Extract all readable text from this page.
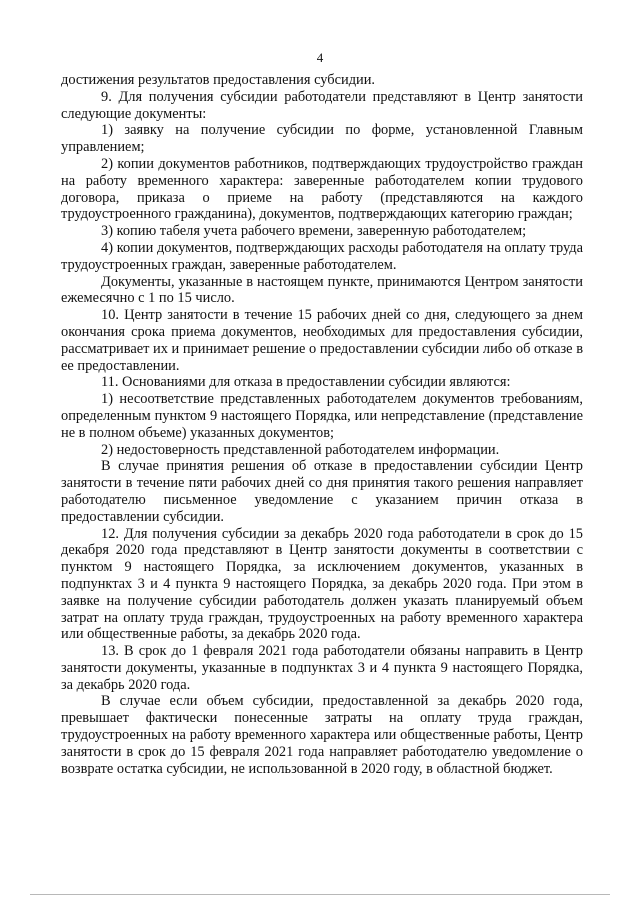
4

достижения результатов предоставления субсидии.

9. Для получения субсидии работодатели представляют в Центр занятости следующие документы:

1) заявку на получение субсидии по форме, установленной Главным управлением;

2) копии документов работников, подтверждающих трудоустройство граждан на работу временного характера: заверенные работодателем копии трудового договора, приказа о приеме на работу (представляются на каждого трудоустроенного гражданина), документов, подтверждающих категорию граждан;

3) копию табеля учета рабочего времени, заверенную работодателем;

4) копии документов, подтверждающих расходы работодателя на оплату труда трудоустроенных граждан, заверенные работодателем.

Документы, указанные в настоящем пункте, принимаются Центром занятости ежемесячно с 1 по 15 число.

10. Центр занятости в течение 15 рабочих дней со дня, следующего за днем окончания срока приема документов, необходимых для предоставления субсидии, рассматривает их и принимает решение о предоставлении субсидии либо об отказе в ее предоставлении.

11. Основаниями для отказа в предоставлении субсидии являются:

1) несоответствие представленных работодателем документов требованиям, определенным пунктом 9 настоящего Порядка, или непредставление (представление не в полном объеме) указанных документов;

2) недостоверность представленной работодателем информации.

В случае принятия решения об отказе в предоставлении субсидии Центр занятости в течение пяти рабочих дней со дня принятия такого решения направляет работодателю письменное уведомление с указанием причин отказа в предоставлении субсидии.

12. Для получения субсидии за декабрь 2020 года работодатели в срок до 15 декабря 2020 года представляют в Центр занятости документы в соответствии с пунктом 9 настоящего Порядка, за исключением документов, указанных в подпунктах 3 и 4 пункта 9 настоящего Порядка, за декабрь 2020 года. При этом в заявке на получение субсидии работодатель должен указать планируемый объем затрат на оплату труда граждан, трудоустроенных на работу временного характера или общественные работы, за декабрь 2020 года.

13. В срок до 1 февраля 2021 года работодатели обязаны направить в Центр занятости документы, указанные в подпунктах 3 и 4 пункта 9 настоящего Порядка, за декабрь 2020 года.

В случае если объем субсидии, предоставленной за декабрь 2020 года, превышает фактически понесенные затраты на оплату труда граждан, трудоустроенных на работу временного характера или общественные работы, Центр занятости в срок до 15 февраля 2021 года направляет работодателю уведомление о возврате остатка субсидии, не использованной в 2020 году, в областной бюджет.
